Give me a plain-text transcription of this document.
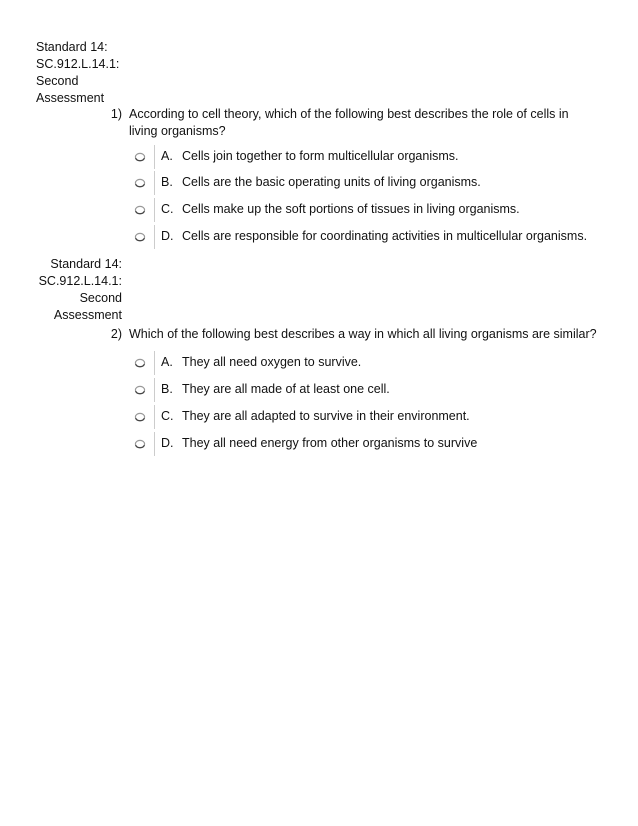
Standard 14:
SC.912.L.14.1:
Second
Assessment
1) According to cell theory, which of the following best describes the role of cells in living organisms?
A. Cells join together to form multicellular organisms.
B. Cells are the basic operating units of living organisms.
C. Cells make up the soft portions of tissues in living organisms.
D. Cells are responsible for coordinating activities in multicellular organisms.
Standard 14:
SC.912.L.14.1:
Second
Assessment
2) Which of the following best describes a way in which all living organisms are similar?
A. They all need oxygen to survive.
B. They are all made of at least one cell.
C. They are all adapted to survive in their environment.
D. They all need energy from other organisms to survive
